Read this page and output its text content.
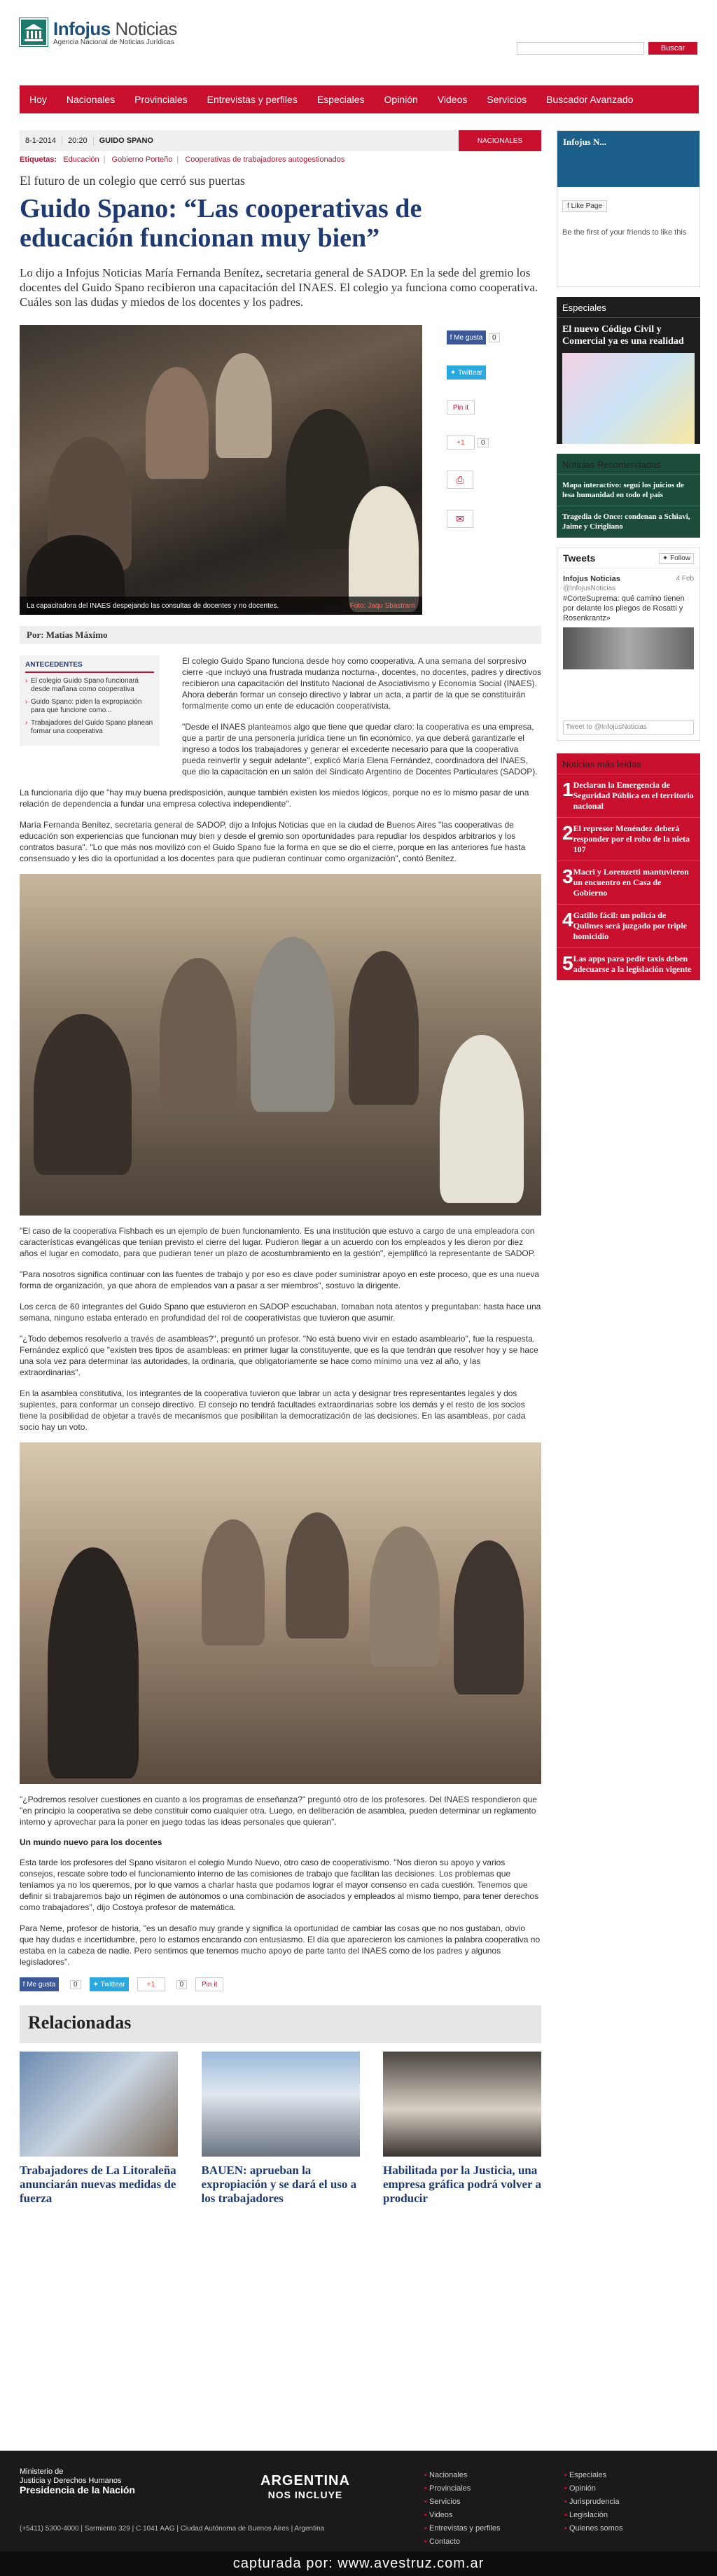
Infojus Noticias
Agencia Nacional de Noticias Jurídicas
Buscar
Hoy	Nacionales	Provinciales	Entrevistas y perfiles	Especiales	Opinión	Videos	Servicios	Buscador Avanzado
8-1-2014	20:20	GUIDO SPANO	NACIONALES
Etiquetas: Educación | Gobierno Porteño | Cooperativas de trabajadores autogestionados
El futuro de un colegio que cerró sus puertas
Guido Spano: “Las cooperativas de educación funcionan muy bien”
Lo dijo a Infojus Noticias María Fernanda Benítez, secretaria general de SADOP. En la sede del gremio los docentes del Guido Spano recibieron una capacitación del INAES. El colegio ya funciona como cooperativa. Cuáles son las dudas y miedos de los docentes y los padres.
La capacitadora del INAES despejando las consultas de docentes y no docentes.	Foto: Jaqu Sbastraro
f Me gusta	0
✦ Twittear
Pin it
+1	0
⎙
✉
Por: Matías Máximo
ANTECEDENTES
› El colegio Guido Spano funcionará desde mañana como cooperativa
› Guido Spano: piden la expropiación para que funcione como...
› Trabajadores del Guido Spano planean formar una cooperativa

El colegio Guido Spano funciona desde hoy como cooperativa. A una semana del sorpresivo cierre -que incluyó una frustrada mudanza nocturna-, docentes, no docentes, padres y directivos recibieron una capacitación del Instituto Nacional de Asociativismo y Economía Social (INAES). Ahora deberán formar un consejo directivo y labrar un acta, a partir de la que se constituirán formalmente como un ente de educación cooperativista.

"Desde el INAES planteamos algo que tiene que quedar claro: la cooperativa es una empresa, que a partir de una personería jurídica tiene un fin económico, ya que deberá garantizarle el ingreso a todos los trabajadores y generar el excedente necesario para que la cooperativa pueda reinvertir y seguir adelante", explicó María Elena Fernández, coordinadora del INAES, que dio la capacitación en un salón del Sindicato Argentino de Docentes Particulares (SADOP).

La funcionaria dijo que "hay muy buena predisposición, aunque también existen los miedos lógicos, porque no es lo mismo pasar de una relación de dependencia a fundar una empresa colectiva independiente".

María Fernanda Benítez, secretaria general de SADOP, dijo a Infojus Noticias que en la ciudad de Buenos Aires "las cooperativas de educación son experiencias que funcionan muy bien y desde el gremio son oportunidades para repudiar los despidos arbitrarios y los contratos basura". "Lo que más nos movilizó con el Guido Spano fue la forma en que se dio el cierre, porque en las anteriores fue hasta consensuado y les dio la oportunidad a los docentes para que pudieran continuar como organización", contó Benítez.

"El caso de la cooperativa Fishbach es un ejemplo de buen funcionamiento. Es una institución que estuvo a cargo de una empleadora con características evangélicas que tenían previsto el cierre del lugar. Pudieron llegar a un acuerdo con los empleados y les dieron por diez años el lugar en comodato, para que pudieran tener un plazo de acostumbramiento en la gestión", ejemplificó la representante de SADOP.

"Para nosotros significa continuar con las fuentes de trabajo y por eso es clave poder suministrar apoyo en este proceso, que es una nueva forma de organización, ya que ahora de empleados van a pasar a ser miembros", sostuvo la dirigente.

Los cerca de 60 integrantes del Guido Spano que estuvieron en SADOP escuchaban, tomaban nota atentos y preguntaban: hasta hace una semana, ninguno estaba enterado en profundidad del rol de cooperativistas que tuvieron que asumir.

"¿Todo debemos resolverlo a través de asambleas?", preguntó un profesor. "No está bueno vivir en estado asambleario", fue la respuesta. Fernández explicó que "existen tres tipos de asambleas: en primer lugar la constituyente, que es la que tendrán que resolver hoy y se hace una sola vez para determinar las autoridades, la ordinaria, que obligatoriamente se hace como mínimo una vez al año, y las extraordinarias".

En la asamblea constitutiva, los integrantes de la cooperativa tuvieron que labrar un acta y designar tres representantes legales y dos suplentes, para conformar un consejo directivo. El consejo no tendrá facultades extraordinarias sobre los demás y el resto de los socios tiene la posibilidad de objetar a través de mecanismos que posibilitan la democratización de las decisiones. En las asambleas, por cada socio hay un voto.

"¿Podremos resolver cuestiones en cuanto a los programas de enseñanza?" preguntó otro de los profesores. Del INAES respondieron que "en principio la cooperativa se debe constituir como cualquier otra. Luego, en deliberación de asamblea, pueden determinar un reglamento interno y aprovechar para la poner en juego todas las ideas personales que quieran".

Un mundo nuevo para los docentes

Esta tarde los profesores del Spano visitaron el colegio Mundo Nuevo, otro caso de cooperativismo. "Nos dieron su apoyo y varios consejos, rescate sobre todo el funcionamiento interno de las comisiones de trabajo que facilitan las decisiones. Los problemas que teníamos ya no los queremos, por lo que vamos a charlar hasta que podamos lograr el mayor consenso en cada cuestión. Tenemos que definir si trabajaremos bajo un régimen de autónomos o una combinación de asociados y empleados al mismo tiempo, para tener derechos como trabajadores", dijo Costoya profesor de matemática.

Para Neme, profesor de historia, "es un desafío muy grande y significa la oportunidad de cambiar las cosas que no nos gustaban, obvio que hay dudas e incertidumbre, pero lo estamos encarando con entusiasmo. El día que aparecieron los camiones la palabra cooperativa no estaba en la cabeza de nadie. Pero sentimos que tenemos mucho apoyo de parte tanto del INAES como de los padres y algunos legisladores".

f Me gusta	0	✦ Twittear	+1	0	Pin it
Relacionadas
Trabajadores de La Litoraleña anunciarán nuevas medidas de fuerza
BAUEN: aprueban la expropiación y se dará el uso a los trabajadores
Habilitada por la Justicia, una empresa gráfica podrá volver a producir
Infojus N...
f Like Page
Be the first of your friends to like this
Especiales
El nuevo Código Civil y Comercial ya es una realidad
Noticias Recomendadas
Mapa interactivo: seguí los juicios de lesa humanidad en todo el país
Tragedia de Once: condenan a Schiavi, Jaime y Cirigliano
Tweets	✦ Follow
Infojus Noticias	4 Feb
@InfojusNoticias
#CorteSuprema: qué camino tienen por delante los pliegos de Rosatti y Rosenkrantz»
Tweet to @InfojusNoticias
Noticias más leídas
1 Declaran la Emergencia de Seguridad Pública en el territorio nacional
2 El represor Menéndez deberá responder por el robo de la nieta 107
3 Macri y Lorenzetti mantuvieron un encuentro en Casa de Gobierno
4 Gatillo fácil: un policía de Quilmes será juzgado por triple homicidio
5 Las apps para pedir taxis deben adecuarse a la legislación vigente
Ministerio de
Justicia y Derechos Humanos
Presidencia de la Nación
(+5411) 5300-4000 | Sarmiento 329 | C 1041 AAG | Ciudad Autónoma de Buenos Aires | Argentina
ARGENTINA
NOS INCLUYE
▪ Nacionales
▪ Provinciales
▪ Servicios
▪ Videos
▪ Entrevistas y perfiles
▪ Contacto
▪ Especiales
▪ Opinión
▪ Jurisprudencia
▪ Legislación
▪ Quienes somos
capturada por: www.avestruz.com.ar
